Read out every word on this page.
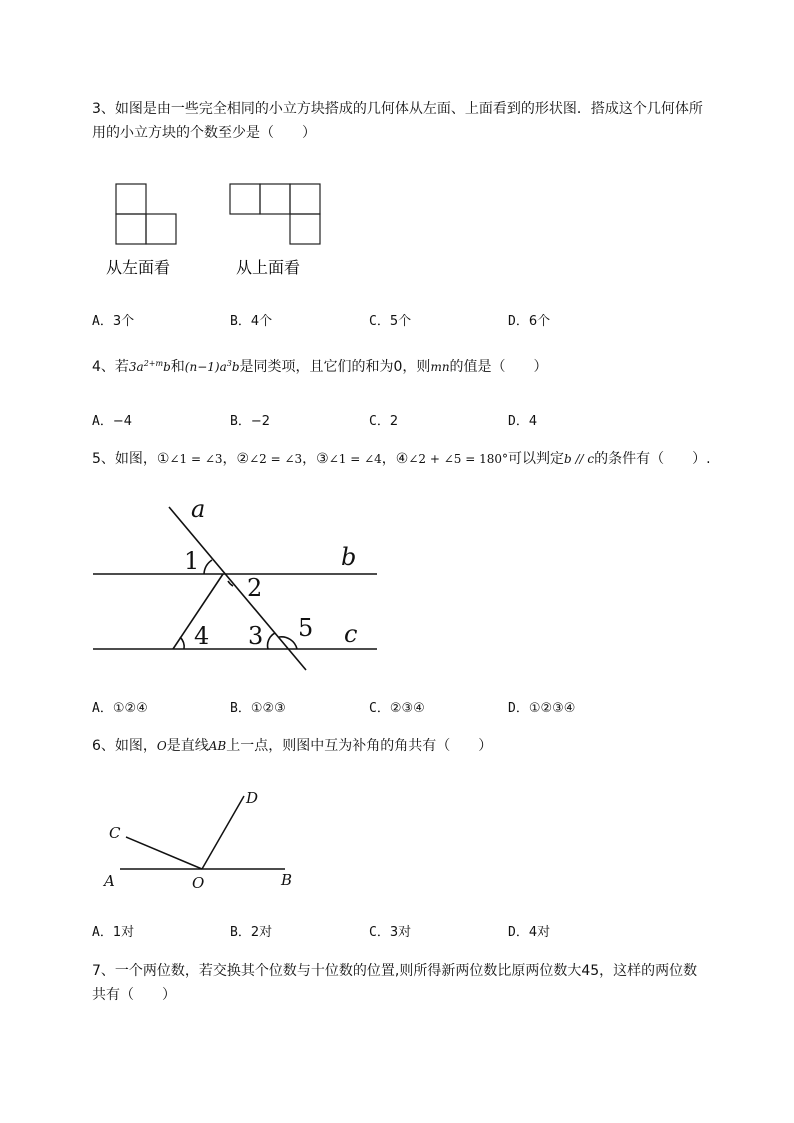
3、如图是由一些完全相同的小立方块搭成的几何体从左面、上面看到的形状图．搭成这个几何体所
用的小立方块的个数至少是（　　）
从左面看	从上面看
A．3个	B．4个	C．5个	D．6个
4、若$3a^{2+m}b$和$(n-1)a^3b$是同类项，且它们的和为0，则mn的值是（　　）
A．−4	B．−2	C．2	D．4
5、如图，①∠1 = ∠3，②∠2 = ∠3，③∠1 = ∠4，④∠2 + ∠5 = 180°可以判定b // c的条件有（　　）.
a
b
c
1
2
3
4	5
A．①②④	B．①②③	C．②③④	D．①②③④
6、如图，O是直线AB上一点，则图中互为补角的角共有（　　）
A	B
C
D
O
A．1对	B．2对	C．3对	D．4对
7、一个两位数，若交换其个位数与十位数的位置,则所得新两位数比原两位数大45，这样的两位数
共有（　　）
